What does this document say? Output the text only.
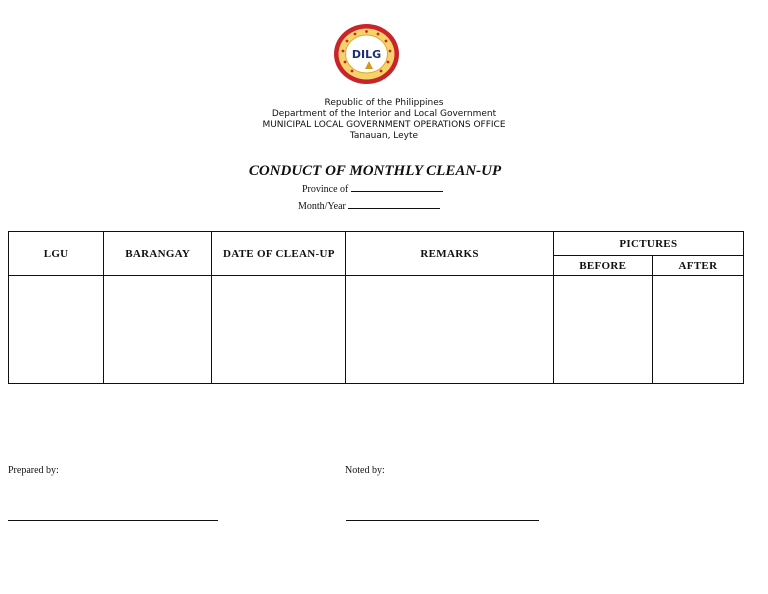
DILG
Republic of the Philippines
Department of the Interior and Local Government
MUNICIPAL LOCAL GOVERNMENT OPERATIONS OFFICE
Tanauan, Leyte
CONDUCT OF MONTHLY CLEAN-UP
Province of
Month/Year
LGU	BARANGAY	DATE OF CLEAN-UP	REMARKS	PICTURES	
				BEFORE	AFTER

Prepared by:	Noted by:
